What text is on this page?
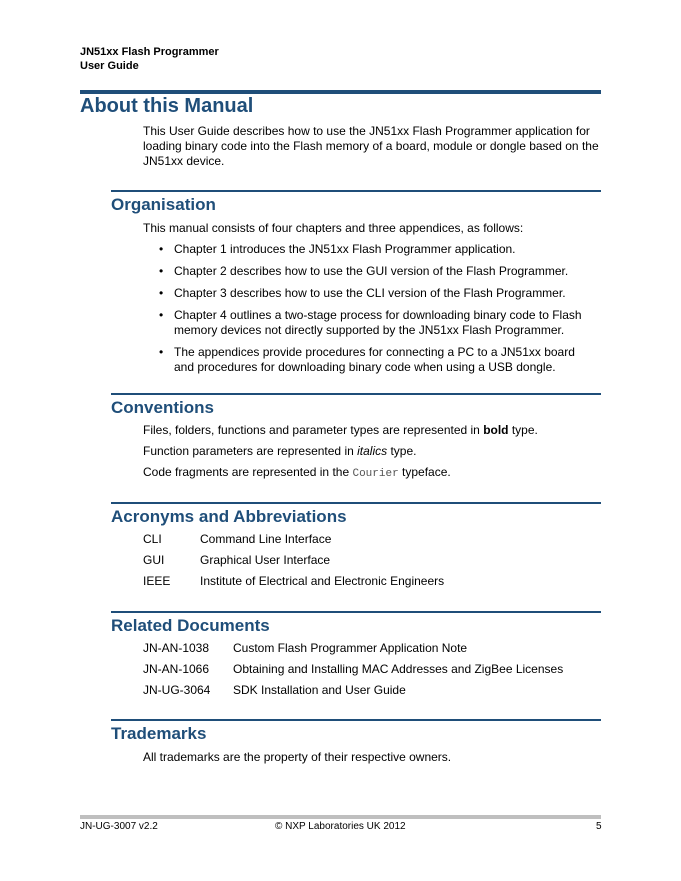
JN51xx Flash Programmer
User Guide
About this Manual
This User Guide describes how to use the JN51xx Flash Programmer application for loading binary code into the Flash memory of a board, module or dongle based on the JN51xx device.
Organisation
This manual consists of four chapters and three appendices, as follows:
• Chapter 1 introduces the JN51xx Flash Programmer application.
• Chapter 2 describes how to use the GUI version of the Flash Programmer.
• Chapter 3 describes how to use the CLI version of the Flash Programmer.
• Chapter 4 outlines a two-stage process for downloading binary code to Flash memory devices not directly supported by the JN51xx Flash Programmer.
• The appendices provide procedures for connecting a PC to a JN51xx board and procedures for downloading binary code when using a USB dongle.
Conventions
Files, folders, functions and parameter types are represented in bold type.
Function parameters are represented in italics type.
Code fragments are represented in the Courier typeface.
Acronyms and Abbreviations
CLI	Command Line Interface
GUI	Graphical User Interface
IEEE Institute of Electrical and Electronic Engineers
Related Documents
JN-AN-1038 Custom Flash Programmer Application Note
JN-AN-1066 Obtaining and Installing MAC Addresses and ZigBee Licenses
JN-UG-3064 SDK Installation and User Guide
Trademarks
All trademarks are the property of their respective owners.
JN-UG-3007 v2.2	© NXP Laboratories UK 2012	5
